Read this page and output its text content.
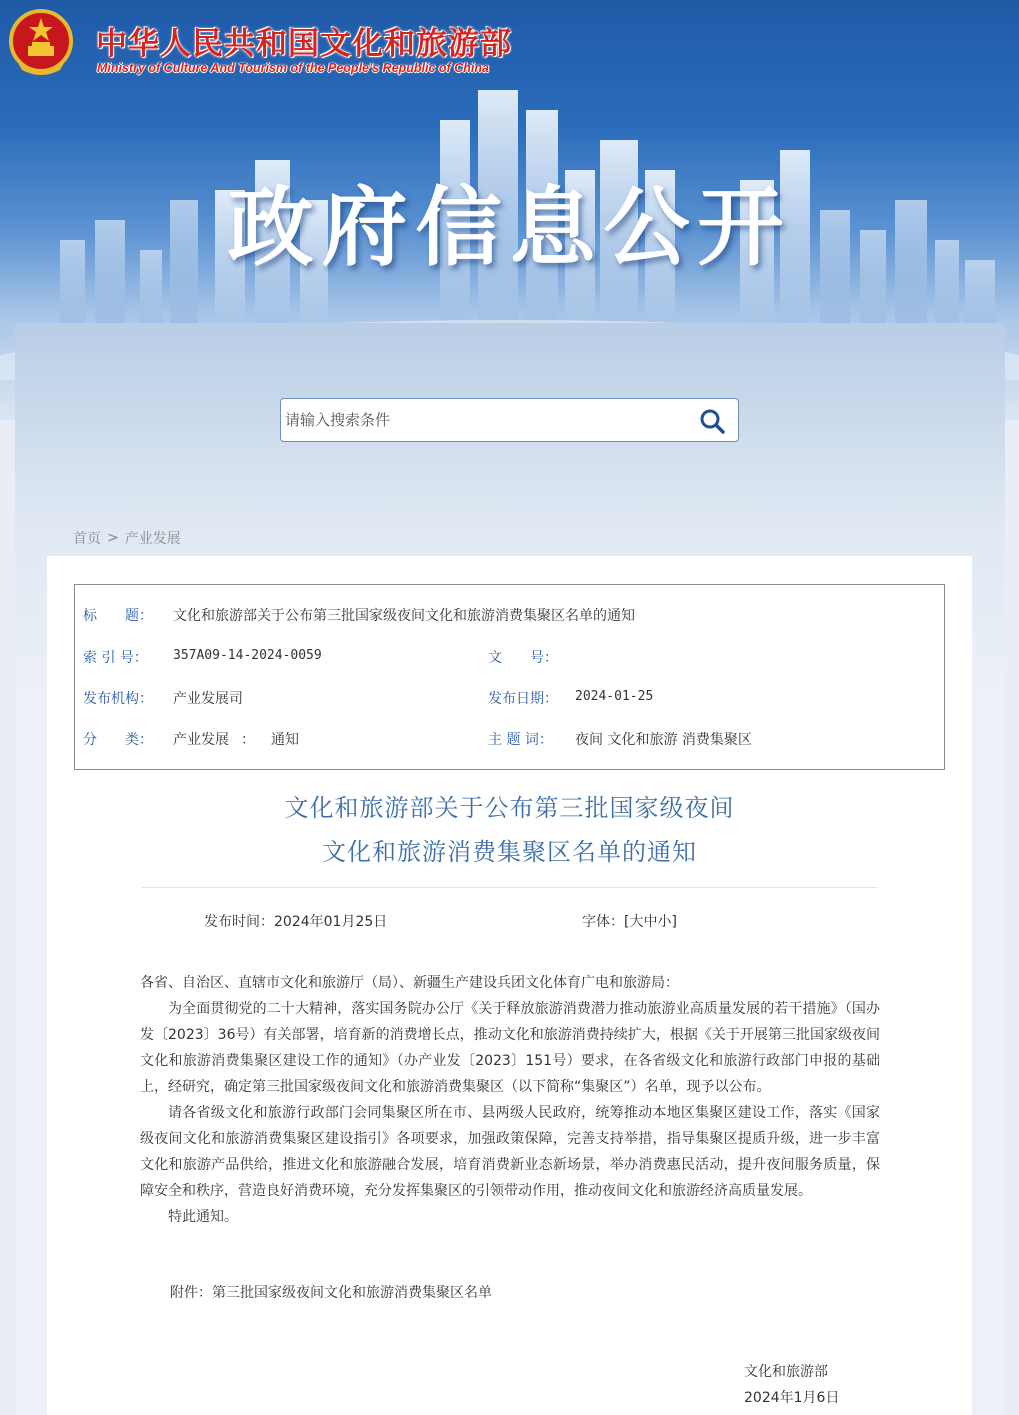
中华人民共和国文化和旅游部
Ministry of Culture And Tourism of the People’s Republic of China
政府信息公开
请输入搜索条件
首页 > 产业发展
标　　题： 文化和旅游部关于公布第三批国家级夜间文化和旅游消费集聚区名单的通知
索 引 号： 357A09-14-2024-0059	文　　号：
发布机构： 产业发展司	发布日期： 2024-01-25
分　　类： 产业发展 ： 通知	主 题 词： 夜间 文化和旅游 消费集聚区
文化和旅游部关于公布第三批国家级夜间
文化和旅游消费集聚区名单的通知
发布时间：2024年01月25日	字体：[大中小]

各省、自治区、直辖市文化和旅游厅（局）、新疆生产建设兵团文化体育广电和旅游局：

为全面贯彻党的二十大精神，落实国务院办公厅《关于释放旅游消费潜力推动旅游业高质量发展的若干措施》（国办发〔2023〕36号）有关部署，培育新的消费增长点，推动文化和旅游消费持续扩大，根据《关于开展第三批国家级夜间文化和旅游消费集聚区建设工作的通知》（办产业发〔2023〕151号）要求，在各省级文化和旅游行政部门申报的基础上，经研究，确定第三批国家级夜间文化和旅游消费集聚区（以下简称“集聚区”）名单，现予以公布。

请各省级文化和旅游行政部门会同集聚区所在市、县两级人民政府，统筹推动本地区集聚区建设工作，落实《国家级夜间文化和旅游消费集聚区建设指引》各项要求，加强政策保障，完善支持举措，指导集聚区提质升级，进一步丰富文化和旅游产品供给，推进文化和旅游融合发展，培育消费新业态新场景，举办消费惠民活动，提升夜间服务质量，保障安全和秩序，营造良好消费环境，充分发挥集聚区的引领带动作用，推动夜间文化和旅游经济高质量发展。

特此通知。

附件：第三批国家级夜间文化和旅游消费集聚区名单
文化和旅游部
2024年1月6日
